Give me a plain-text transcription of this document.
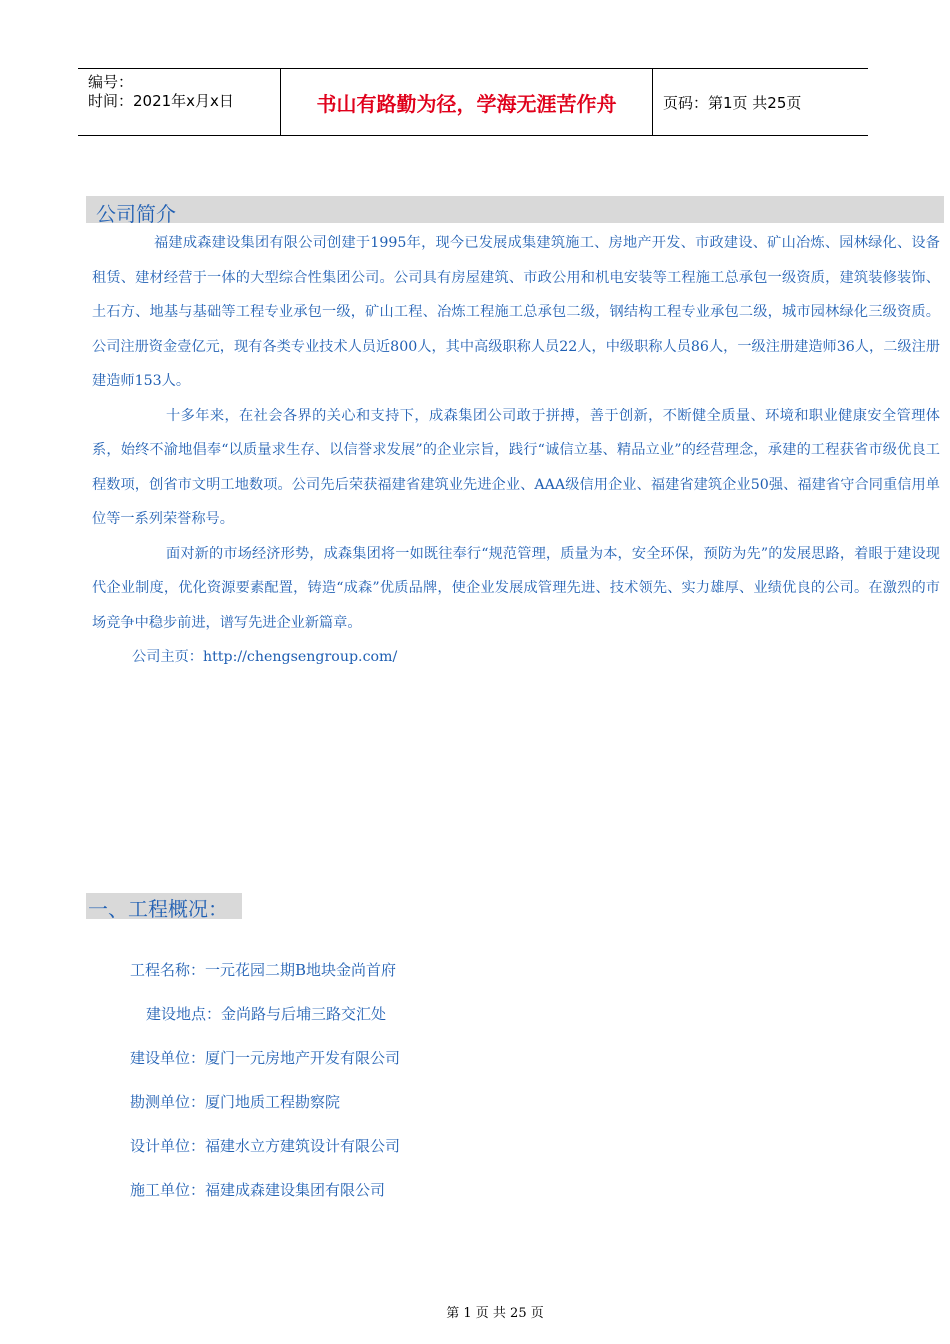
编号：
时间：2021年x月x日	书山有路勤为径，学海无涯苦作舟	页码：第1页 共25页
公司简介

福建成森建设集团有限公司创建于1995年，现今已发展成集建筑施工、房地产开发、市政建设、矿山冶炼、园林绿化、设备租赁、建材经营于一体的大型综合性集团公司。公司具有房屋建筑、市政公用和机电安装等工程施工总承包一级资质，建筑装修装饰、土石方、地基与基础等工程专业承包一级，矿山工程、冶炼工程施工总承包二级，钢结构工程专业承包二级，城市园林绿化三级资质。公司注册资金壹亿元，现有各类专业技术人员近800人，其中高级职称人员22人，中级职称人员86人，一级注册建造师36人，二级注册建造师153人。

十多年来，在社会各界的关心和支持下，成森集团公司敢于拼搏，善于创新，不断健全质量、环境和职业健康安全管理体系，始终不渝地倡奉“以质量求生存、以信誉求发展”的企业宗旨，践行“诚信立基、精品立业”的经营理念，承建的工程获省市级优良工程数项，创省市文明工地数项。公司先后荣获福建省建筑业先进企业、AAA级信用企业、福建省建筑企业50强、福建省守合同重信用单位等一系列荣誉称号。

面对新的市场经济形势，成森集团将一如既往奉行“规范管理，质量为本，安全环保，预防为先”的发展思路，着眼于建设现代企业制度，优化资源要素配置，铸造“成森”优质品牌，使企业发展成管理先进、技术领先、实力雄厚、业绩优良的公司。在激烈的市场竞争中稳步前进，谱写先进企业新篇章。

公司主页：http://chengsengroup.com/

一、工程概况：
工程名称：一元花园二期B地块金尚首府
建设地点：金尚路与后埔三路交汇处
建设单位：厦门一元房地产开发有限公司
勘测单位：厦门地质工程勘察院
设计单位：福建水立方建筑设计有限公司
施工单位：福建成森建设集团有限公司
第 1 页 共 25 页
